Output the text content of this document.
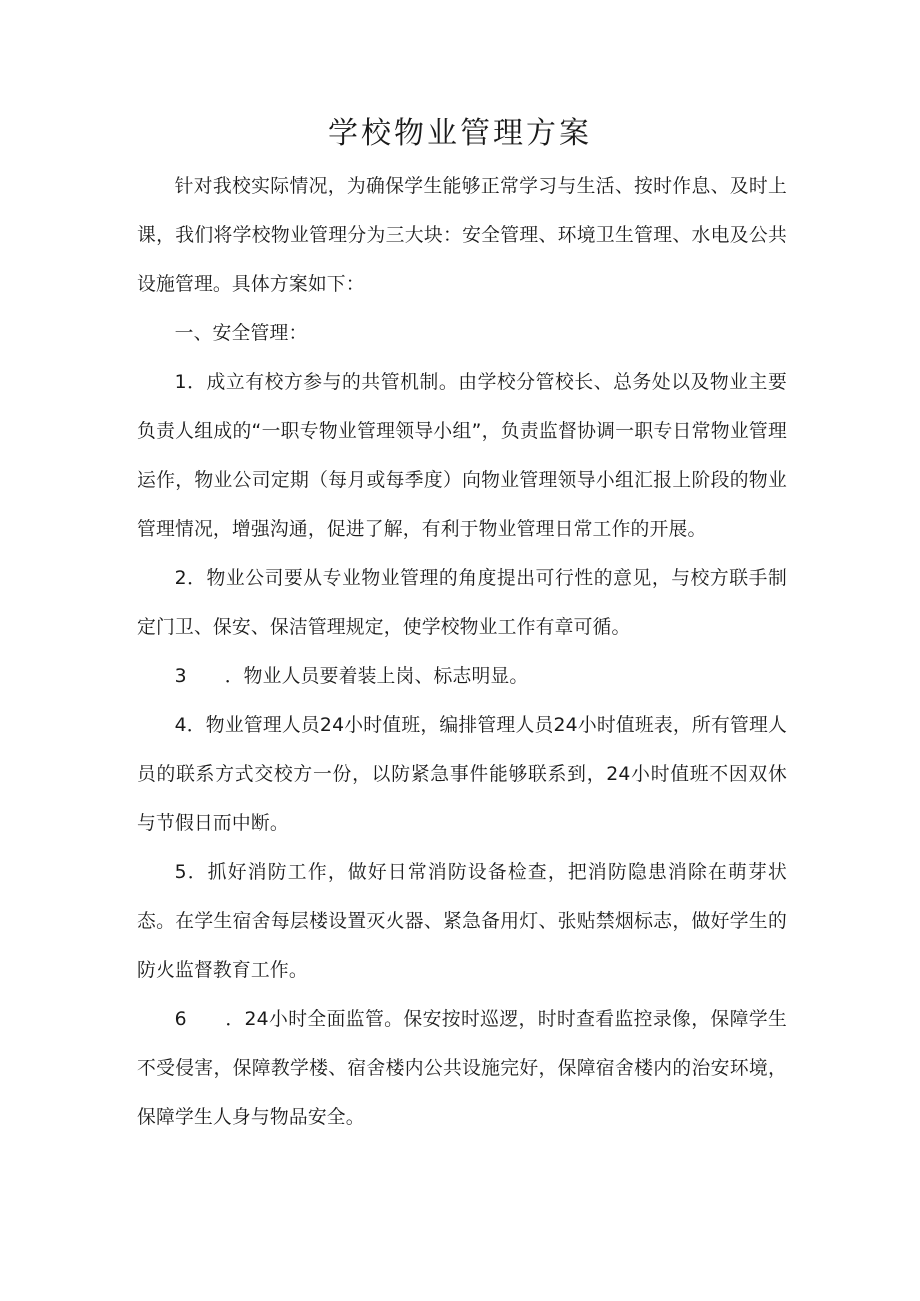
学校物业管理方案

针对我校实际情况，为确保学生能够正常学习与生活、按时作息、及时上课，我们将学校物业管理分为三大块：安全管理、环境卫生管理、水电及公共设施管理。具体方案如下：

一、安全管理：

1．成立有校方参与的共管机制。由学校分管校长、总务处以及物业主要负责人组成的“一职专物业管理领导小组”，负责监督协调一职专日常物业管理运作，物业公司定期（每月或每季度）向物业管理领导小组汇报上阶段的物业管理情况，增强沟通，促进了解，有利于物业管理日常工作的开展。

2．物业公司要从专业物业管理的角度提出可行性的意见，与校方联手制定门卫、保安、保洁管理规定，使学校物业工作有章可循。

3　　．物业人员要着装上岗、标志明显。

4．物业管理人员24小时值班，编排管理人员24小时值班表，所有管理人员的联系方式交校方一份，以防紧急事件能够联系到，24小时值班不因双休与节假日而中断。

5．抓好消防工作，做好日常消防设备检查，把消防隐患消除在萌芽状态。在学生宿舍每层楼设置灭火器、紧急备用灯、张贴禁烟标志，做好学生的防火监督教育工作。

6　　．24小时全面监管。保安按时巡逻，时时查看监控录像，保障学生不受侵害，保障教学楼、宿舍楼内公共设施完好，保障宿舍楼内的治安环境，保障学生人身与物品安全。
